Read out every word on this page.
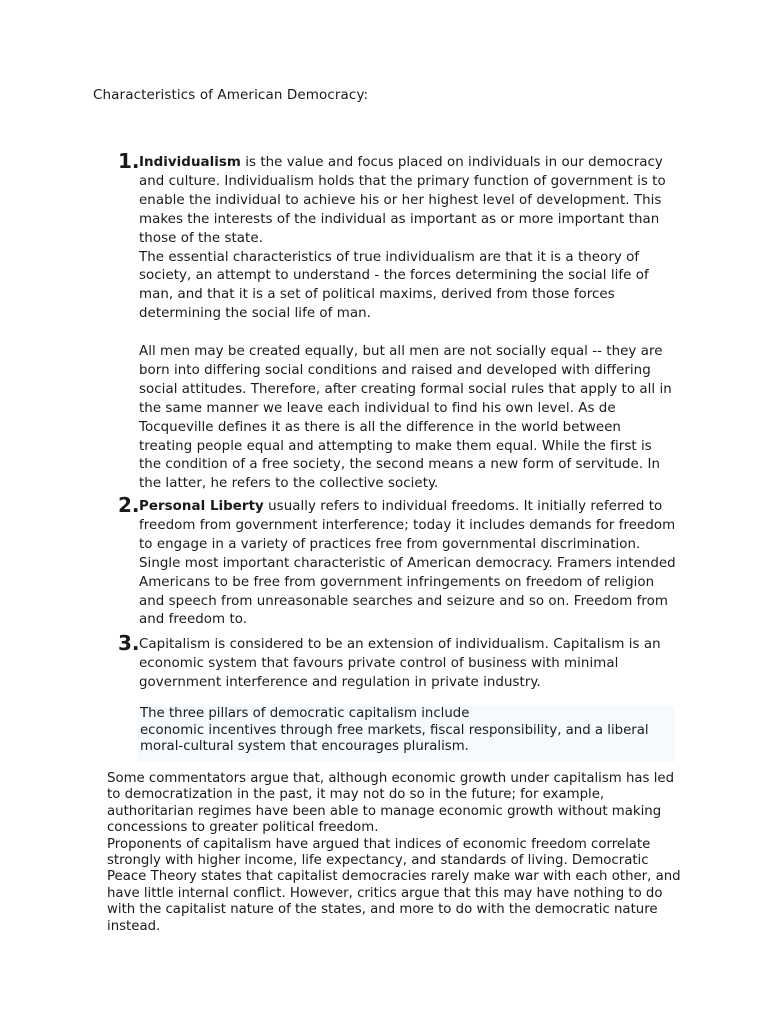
Characteristics of American Democracy:
1. Individualism is the value and focus placed on individuals in our democracy and culture. Individualism holds that the primary function of government is to enable the individual to achieve his or her highest level of development. This makes the interests of the individual as important as or more important than those of the state.
The essential characteristics of true individualism are that it is a theory of society, an attempt to understand - the forces determining the social life of man, and that it is a set of political maxims, derived from those forces determining the social life of man.
All men may be created equally, but all men are not socially equal -- they are born into differing social conditions and raised and developed with differing social attitudes. Therefore, after creating formal social rules that apply to all in the same manner we leave each individual to find his own level. As de Tocqueville defines it as there is all the difference in the world between treating people equal and attempting to make them equal. While the first is the condition of a free society, the second means a new form of servitude. In the latter, he refers to the collective society.
2. Personal Liberty usually refers to individual freedoms. It initially referred to freedom from government interference; today it includes demands for freedom to engage in a variety of practices free from governmental discrimination. Single most important characteristic of American democracy. Framers intended Americans to be free from government infringements on freedom of religion and speech from unreasonable searches and seizure and so on. Freedom from and freedom to.
3. Capitalism is considered to be an extension of individualism. Capitalism is an economic system that favours private control of business with minimal government interference and regulation in private industry.
The three pillars of democratic capitalism include
economic incentives through free markets, fiscal responsibility, and a liberal moral-cultural system that encourages pluralism.
Some commentators argue that, although economic growth under capitalism has led to democratization in the past, it may not do so in the future; for example, authoritarian regimes have been able to manage economic growth without making concessions to greater political freedom.
Proponents of capitalism have argued that indices of economic freedom correlate strongly with higher income, life expectancy, and standards of living. Democratic Peace Theory states that capitalist democracies rarely make war with each other, and have little internal conflict. However, critics argue that this may have nothing to do with the capitalist nature of the states, and more to do with the democratic nature instead.
